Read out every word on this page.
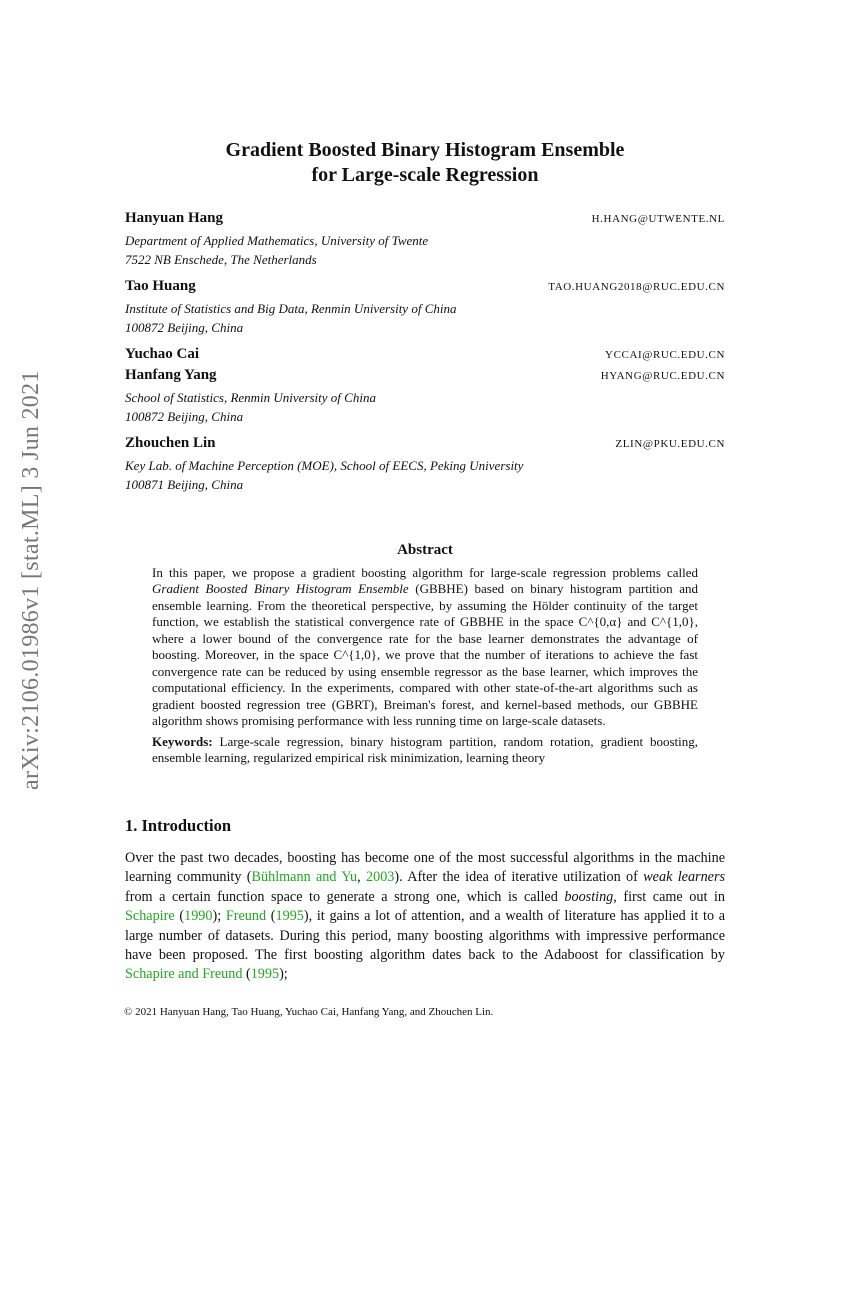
arXiv:2106.01986v1 [stat.ML] 3 Jun 2021
Gradient Boosted Binary Histogram Ensemble
for Large-scale Regression
Hanyuan Hang	H.HANG@UTWENTE.NL
Department of Applied Mathematics, University of Twente
7522 NB Enschede, The Netherlands
Tao Huang	TAO.HUANG2018@RUC.EDU.CN
Institute of Statistics and Big Data, Renmin University of China
100872 Beijing, China
Yuchao Cai	YCCAI@RUC.EDU.CN
Hanfang Yang	HYANG@RUC.EDU.CN
School of Statistics, Renmin University of China
100872 Beijing, China
Zhouchen Lin	ZLIN@PKU.EDU.CN
Key Lab. of Machine Perception (MOE), School of EECS, Peking University
100871 Beijing, China
Abstract
In this paper, we propose a gradient boosting algorithm for large-scale regression problems called Gradient Boosted Binary Histogram Ensemble (GBBHE) based on binary histogram partition and ensemble learning. From the theoretical perspective, by assuming the Hölder continuity of the target function, we establish the statistical convergence rate of GBBHE in the space C^{0,α} and C^{1,0}, where a lower bound of the convergence rate for the base learner demonstrates the advantage of boosting. Moreover, in the space C^{1,0}, we prove that the number of iterations to achieve the fast convergence rate can be reduced by using ensemble regressor as the base learner, which improves the computational efficiency. In the experiments, compared with other state-of-the-art algorithms such as gradient boosted regression tree (GBRT), Breiman's forest, and kernel-based methods, our GBBHE algorithm shows promising performance with less running time on large-scale datasets.
Keywords: Large-scale regression, binary histogram partition, random rotation, gradient boosting, ensemble learning, regularized empirical risk minimization, learning theory
1. Introduction
Over the past two decades, boosting has become one of the most successful algorithms in the machine learning community (Bühlmann and Yu, 2003). After the idea of iterative utilization of weak learners from a certain function space to generate a strong one, which is called boosting, first came out in Schapire (1990); Freund (1995), it gains a lot of attention, and a wealth of literature has applied it to a large number of datasets. During this period, many boosting algorithms with impressive performance have been proposed. The first boosting algorithm dates back to the Adaboost for classification by Schapire and Freund (1995);
© 2021 Hanyuan Hang, Tao Huang, Yuchao Cai, Hanfang Yang, and Zhouchen Lin.
